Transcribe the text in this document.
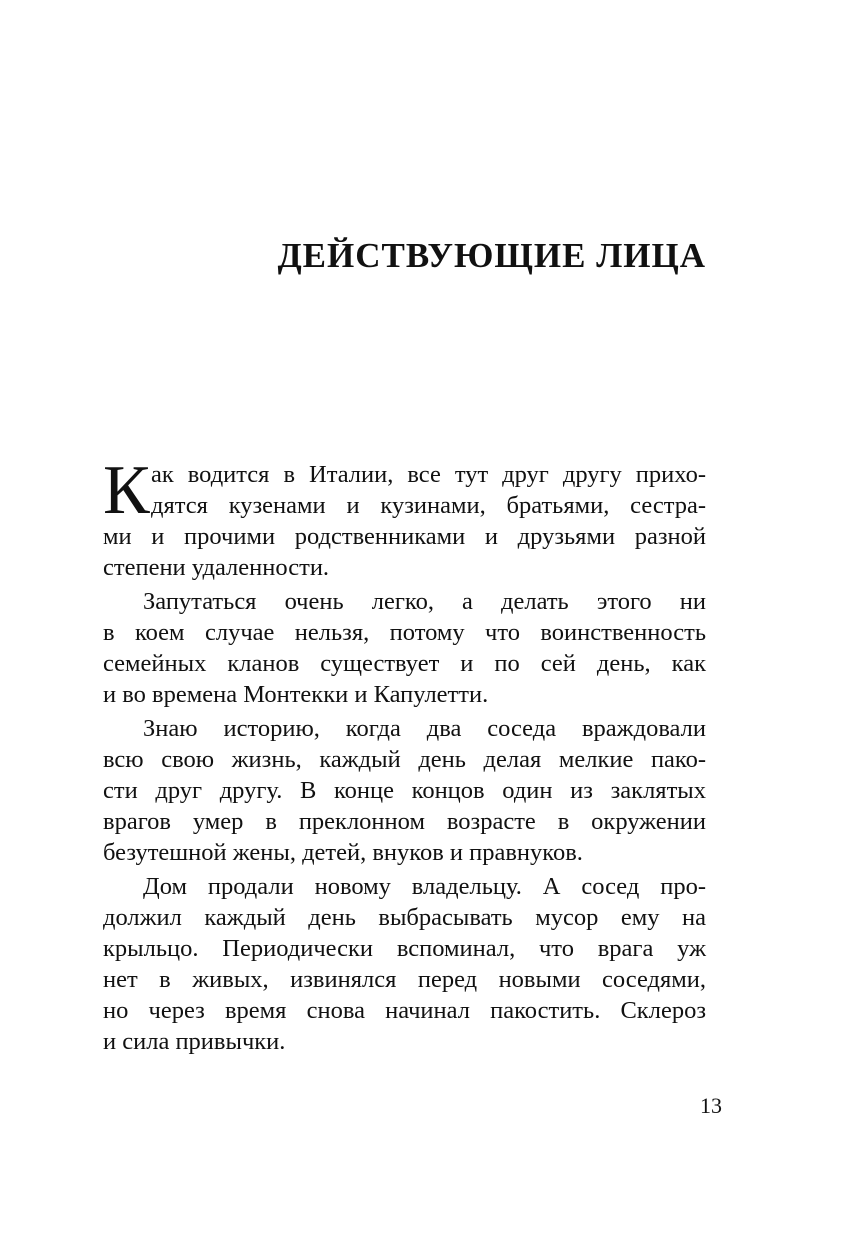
ДЕЙСТВУЮЩИЕ ЛИЦА
К ак водится в Италии, все тут друг другу прихо-
дятся кузенами и кузинами, братьями, сестра-
ми и прочими родственниками и друзьями разной
степени удаленности.
Запутаться очень легко, а делать этого ни
в коем случае нельзя, потому что воинственность
семейных кланов существует и по сей день, как
и во времена Монтекки и Капулетти.
Знаю историю, когда два соседа враждовали
всю свою жизнь, каждый день делая мелкие пако-
сти друг другу. В конце концов один из заклятых
врагов умер в преклонном возрасте в окружении
безутешной жены, детей, внуков и правнуков.
Дом продали новому владельцу. А сосед про-
должил каждый день выбрасывать мусор ему на
крыльцо. Периодически вспоминал, что врага уж
нет в живых, извинялся перед новыми соседями,
но через время снова начинал пакостить. Склероз
и сила привычки.
13
